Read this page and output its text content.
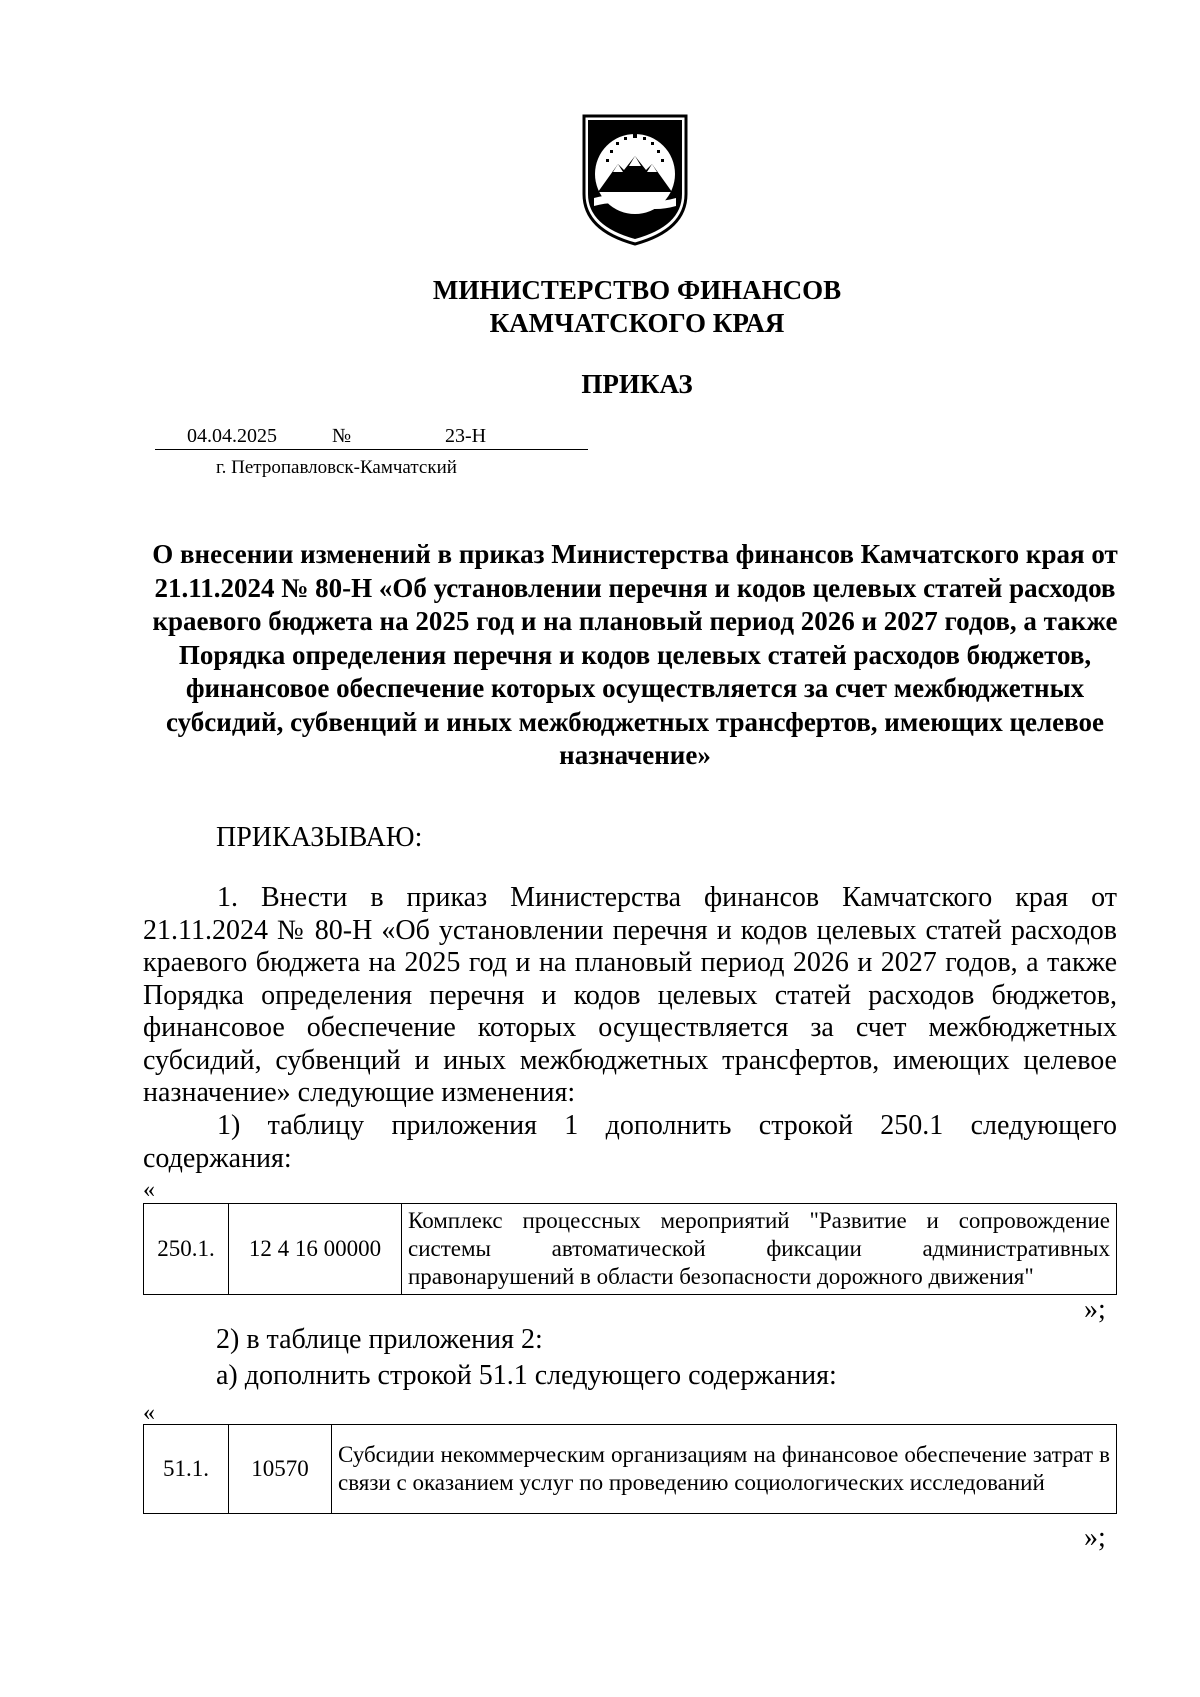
МИНИСТЕРСТВО ФИНАНСОВ
КАМЧАТСКОГО КРАЯ
ПРИКАЗ
04.04.2025	№	23-Н
г. Петропавловск-Камчатский
О внесении изменений в приказ Министерства финансов Камчатского края от 21.11.2024 № 80-Н «Об установлении перечня и кодов целевых статей расходов краевого бюджета на 2025 год и на плановый период 2026 и 2027 годов, а также Порядка определения перечня и кодов целевых статей расходов бюджетов, финансовое обеспечение которых осуществляется за счет межбюджетных субсидий, субвенций и иных межбюджетных трансфертов, имеющих целевое назначение»
ПРИКАЗЫВАЮ:
1. Внести в приказ Министерства финансов Камчатского края от 21.11.2024 № 80-Н «Об установлении перечня и кодов целевых статей расходов краевого бюджета на 2025 год и на плановый период 2026 и 2027 годов, а также Порядка определения перечня и кодов целевых статей расходов бюджетов, финансовое обеспечение которых осуществляется за счет межбюджетных субсидий, субвенций и иных межбюджетных трансфертов, имеющих целевое назначение» следующие изменения:
1) таблицу приложения 1 дополнить строкой 250.1 следующего содержания:
«
250.1.	12 4 16 00000	Комплекс процессных мероприятий "Развитие и сопровождение системы автоматической фиксации административных правонарушений в области безопасности дорожного движения"
»;
2) в таблице приложения 2:
а) дополнить строкой 51.1 следующего содержания:
«
51.1.	10570	Субсидии некоммерческим организациям на финансовое обеспечение затрат в связи с оказанием услуг по проведению социологических исследований
»;
